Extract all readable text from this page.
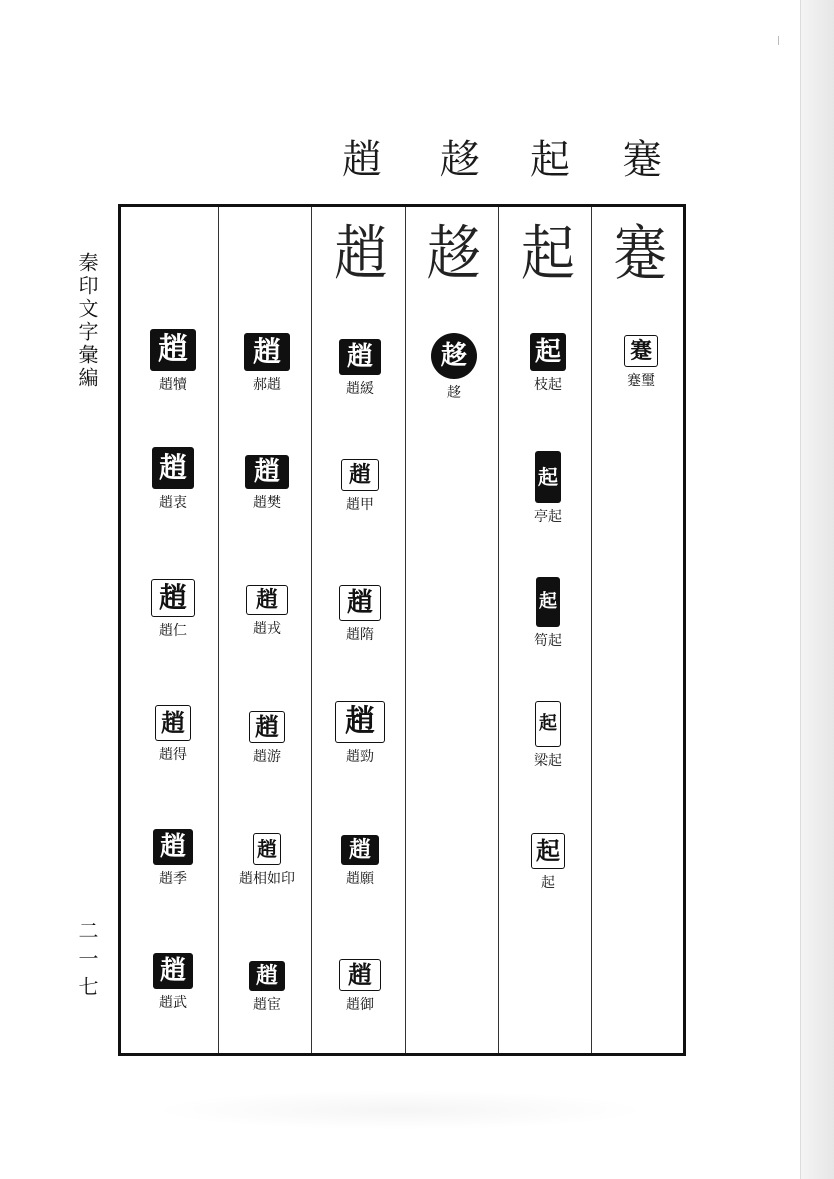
趙 趍 起 蹇
秦印文字彙編
二一七
趙 趍 起 蹇
趙
趙犢
趙
趙衷
趙
趙仁
趙
趙得
趙
趙季
趙
趙武
趙
郝趙
趙
趙樊
趙
趙戎
趙
趙游
趙
趙相如印
趙
趙宦
趙
趙緩
趙
趙甲
趙
趙隋
趙
趙勁
趙
趙願
趙
趙御
趍
趍
起
枝起
起
亭起
起
笱起
起
梁起
起
起
蹇
蹇璽
